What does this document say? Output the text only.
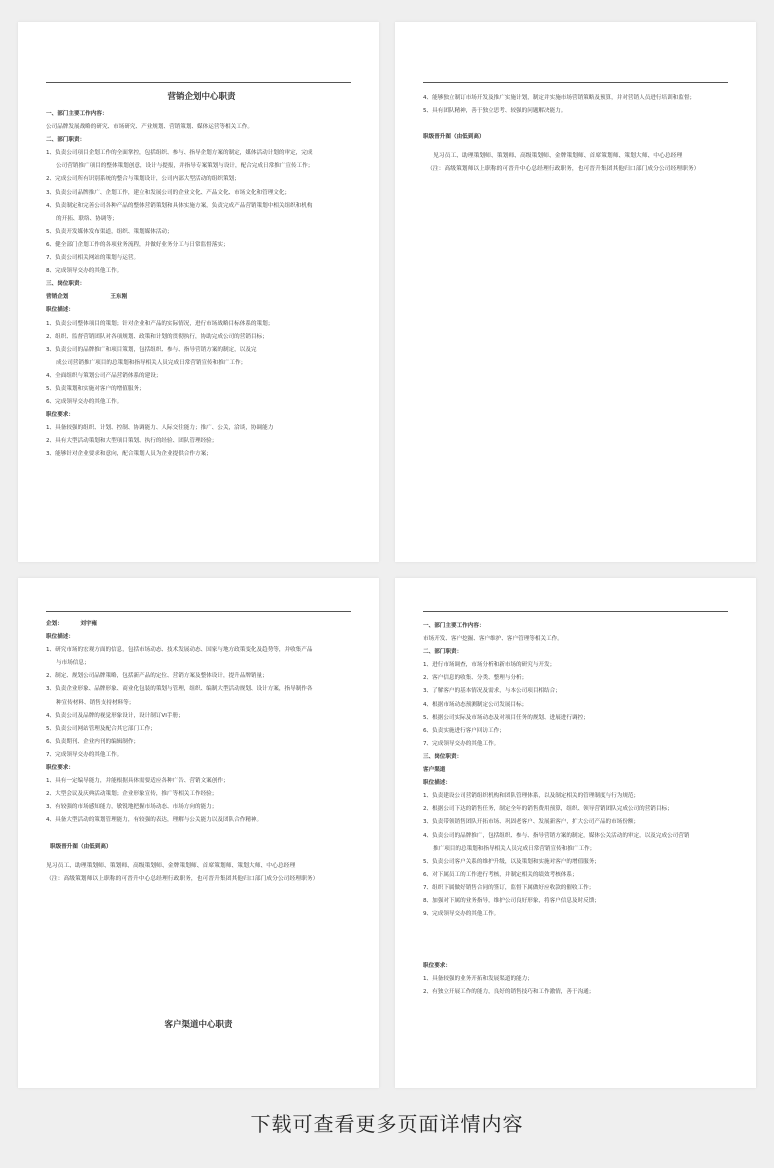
营销企划中心职责
一、部门主要工作内容：
公司品牌发展战略的研究、市场研究、产业规划、营销策划、媒体运营等相关工作。
二、部门职责：
1、负责公司项目企划工作的全面掌控，包括组织、参与、指导企划方案的制定，媒体活动计划的审定，完成
公司营销推广项目的整体策划创意，设计与提报，并指导专案策划与设计，配合完成日常推广宣传工作；
2、完成公司所有识别系统的整合与策划设计，公司内部大型活动的组织策划；
3、负责公司品牌推广、企划工作，建立和发展公司的企业文化、产品文化、市场文化和管理文化；
4、负责制定和完善公司各种产品的整体营销策划和具体实施方案，负责完成产品营销策划中相关组织和机构
的开拓、联络、协调等；
5、负责开发媒体发布渠道，组织、策划媒体活动；
6、健全部门企划工作的各项业务流程，并做好业务分工与日常监督落实；
7、负责公司相关网站的策划与运营。
8、完成领导交办的其他工作。
三、岗位职责：
营销企划	王东刚
职位描述：
1、负责公司整体项目的策划；针对企业和产品的实际情况，进行市场战略目标体系的策划；
2、组织、监督营销团队对各项规划、政策和计划的贯彻执行，协助完成公司的营销目标；
3、负责公司的品牌推广和项目策划，包括组织、参与、指导营销方案的制定，以及完
成公司营销推广项目的总策划和指导相关人员完成日常营销宣传和推广工作；
4、全面组织与策划公司产品营销体系的建设；
5、负责策划和实施对客户的增值服务；
6、完成领导交办的其他工作。
职位要求：
1、具备较强的组织、计划、控制、协调能力、人际交往能力；推广、公关，洽谈，协调能力
2、具有大型活动策划和大型项目策划、执行的经验、团队管理经验；
3、能够针对企业要求和意向，配合策划人员为企业提供合作方案；
4、能够独立制订市场开发及推广实施计划，制定并实施市场营销策略及预算，并对营销人员进行培训和监督；
5、具有团队精神，善于独立思考、较强的问题解决能力。
职级晋升图（由低到高）
见习员工、助理策划师、策划师、高级策划师、金牌策划师、首席策划师、策划大师、中心总经理
（注：高级策划师以上职称的可晋升中心总经理行政职务，也可晋升集团其他归口部门成分公司经理职务）
企划：	刘宇雍
职位描述：
1、研究市场的宏观方面的信息，包括市场动态、技术发展动态、国家与地方政策变化及趋势等，并收集产品
与市场信息；
2、制定、规划公司品牌策略，包括新产品的定位、营销方案及整体设计，提升品牌销量；
3、负责企业形象、品牌形象、商业化包装的策划与管理，组织、编制大型活动规划、设计方案，指导制作各
种宣传材料、销售支持材料等；
4、负责公司及品牌的视觉形象设计，设计制订VI手册；
5、负责公司网站管理及配合其它部门工作；
6、负责期刊、企业内刊的编辑制作；
7、完成领导交办的其他工作。
职位要求：
1、具有一定编导能力，并能根据具体需要适应各种广告、营销文案创作；
2、大型会议及庆典活动策划；企业形象宣传，推广等相关工作经验；
3、有较强的市场感知能力，敏锐地把握市场动态、市场方向的能力；
4、具备大型活动的策划管理能力，有较强的表达，理解与公关能力以及团队合作精神。
职级晋升图（由低到高）
见习员工、助理策划师、策划师、高级策划师、金牌策划师、首席策划师、策划大师、中心总经理
（注：高级策划师以上职称的可晋升中心总经理行政职务，也可晋升集团其他归口部门成分公司经理职务）
客户渠道中心职责
一、部门主要工作内容：
市场开发、客户挖掘、客户维护、客户管理等相关工作。
二、部门职责：
1、进行市场调查，市场分析和新市场的研究与开发；
2、客户信息的收集、分类、整理与分析；
3、了解客户的基本情况及需求，与本公司项目相结合；
4、根据市场动态预测制定公司发展目标；
5、根据公司实际及市场动态及对项目任务的规划、进展进行调控；
6、负责实施进行客户回访工作；
7、完成领导交办的其他工作。
三、岗位职责：
客户渠道
职位描述：
1、负责建设公司营销组织机构和团队管理体系，以及制定相关的管理制度与行为规范；
2、根据公司下达的销售任务，制定全年的销售费用预算，组织、领导营销团队完成公司的营销目标；
3、负责带领销售团队开拓市场、巩固老客户、发展新客户，扩大公司产品的市场份额；
4、负责公司的品牌推广，包括组织、参与、指导营销方案的制定，媒体公关活动的审定，以及完成公司营销
推广项目的总策划和指导相关人员完成日常营销宣传和推广工作；
5、负责公司客户关系的维护升级，以及策划和实施对客户的增值服务；
6、对下属员工的工作进行考核，并制定相关的绩效考核体系；
7、组织下属做好销售合同的签订，监督下属做好应收款的催收工作；
8、加强对下属的业务指导，维护公司良好形象，将客户信息及时反馈；
9、完成领导交办的其他工作。
职位要求：
1、具备较强的业务开拓和发展渠道的能力；
2、有独立开展工作的能力，良好的销售技巧和工作激情，善于沟通；
下载可查看更多页面详情内容
